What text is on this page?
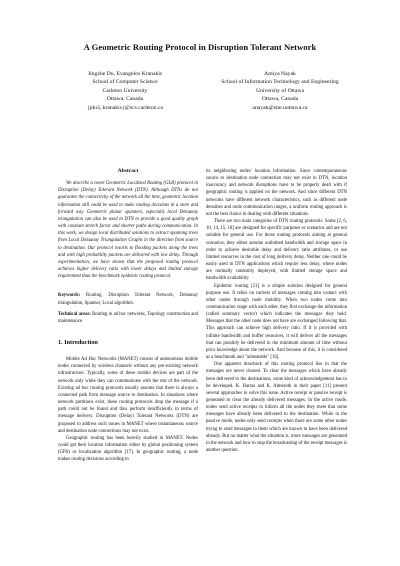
A Geometric Routing Protocol in Disruption Tolerant Network
Jingzhe Du, Evangelos Kranakis
School of Computer Science
Carleton University
Ottawa, Canada
{jdu3, kranakis}@scs.carleton.ca
Amiya Nayak
School of Information Technology and Engineering
University of Ottawa
Ottawa, Canada
anayak@site.uottawa.ca
Abstract

We describe a novel Geometric Localized Routing (GLR) protocol in Disruption (Delay) Tolerant Network (DTN). Although DTNs do not guarantee the connectivity of the network all the time, geometric location information still could be used to make routing decisions in a store and forward way. Geometric planar spanners, especially local Delaunay triangulation can also be used in DTN to provide a good quality graph with constant stretch factor and shorter paths during communication. In this work, we design local distributed solutions to extract spanning trees from Local Delaunay Triangulation Graphs in the direction from source to destination. Our protocol resorts to flooding packets along the trees and with high probability packets are delivered with low delay. Through experimentation, we have shown that the proposed routing protocol achieves higher delivery ratio with lower delays and limited storage requirement than the benchmark epidemic routing protocol.

Keywords: Routing, Disruption Tolerant Network, Delaunay triangulation, Spanner, Local algorithm.

Technical areas: Routing in ad hoc networks, Topology construction and maintenance.

1. Introduction

Mobile Ad Hoc Networks (MANET) consist of autonomous mobile nodes connected by wireless channels without any pre-existing network infrastructure. Typically, some of these mobile devices are part of the network only while they can communicate with the rest of the network. Existing ad hoc routing protocols usually assume that there is always a connected path from message source to destination. In situations where network partitions exist, these routing protocols drop the message if a path could not be found and thus perform insufficiently in terms of message delivery. Disruption (Delay) Tolerant Networks (DTN) are proposed to address such issues in MANET where instantaneous source and destination node connections may not exist.

Geographic routing has been heavily studied in MANET. Nodes could get their location information either by global positioning system (GPS) or localization algorithm [17]. In geographic routing, a node makes routing decisions according to

its neighboring nodes' location information. Since contemporaneous source to destination node connection may not exist in DTN, location inaccuracy and network disruptions have to be properly dealt with if geographic routing is applied on the network. And since different DTN networks have different network characteristics, such as different node densities and node communication ranges, a uniform routing approach is not the best choice in dealing with different situations.

There are two main categories of DTN routing protocols. Some [2, 6, 10, 14, 15, 18] are designed for specific purposes or scenarios and are not suitable for general use. For those routing protocols aiming at general scenarios, they either assume unlimited bandwidth and storage space in order to achieve desirable delay and delivery ratio attributes, or use limited resources in the cost of long delivery delay. Neither one could be easily used in DTN applications which require less delay, where nodes are normally randomly deployed, with limited storage space and bandwidth availability.

Epidemic routing [21] is a simple solution designed for general purpose use. It relies on carriers of messages coming into contact with other nodes through node mobility. When two nodes come into communication range with each other, they first exchange the information (called summary vector) which indicates the messages they hold. Messages that the other node does not have are exchanged following that. This approach can achieve high delivery ratio. If it is provided with infinite bandwidth and buffer resources, it will deliver all the messages that can possibly be delivered in the minimum amount of time without prior knowledge about the network. And because of this, it is considered as a benchmark and "unbeatable" [16].

One apparent drawback of this routing protocol lies in that the messages are never cleared. To clear the messages which have already been delivered to the destinations, some kind of acknowledgement has to be developed. K. Harras and K. Almeroth in their paper [11] present several approaches to solve this issue. Active receipt or passive receipt is generated to clear the already delivered messages. In the active mode, nodes send active receipts to inform all the nodes they meet that some messages have already been delivered to the destination. While in the passive mode, nodes only send receipts when there are some other nodes trying to send messages to them which are known to have been delivered already. But no matter what the situation is, more messages are generated in the network and how to stop the broadcasting of the receipt messages is another question.
